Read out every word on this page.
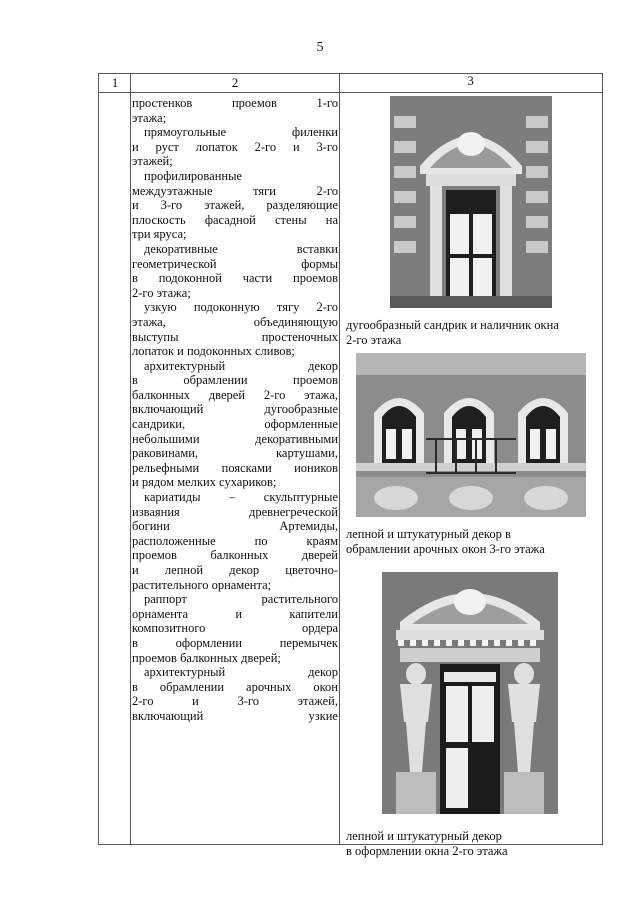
5
1	2	3

простенков проемов 1-го

этажа;

прямоугольные филенки

и руст лопаток 2-го и 3-го

этажей;

профилированные

междуэтажные тяги 2-го

и 3-го этажей, разделяющие

плоскость фасадной стены на

три яруса;

декоративные вставки

геометрической формы

в подоконной части проемов

2-го этажа;

узкую подоконную тягу 2-го

этажа, объединяющую

выступы простеночных

лопаток и подоконных сливов;

архитектурный декор

в обрамлении проемов

балконных дверей 2-го этажа,

включающий дугообразные

сандрики, оформленные

небольшими декоративными

раковинами, картушами,

рельефными поясками иоников

и рядом мелких сухариков;

кариатиды – скульптурные

изваяния древнегреческой

богини Артемиды,

расположенные по краям

проемов балконных дверей

и лепной декор цветочно-

растительного орнамента;

раппорт растительного

орнамента и капители

композитного ордера

в оформлении перемычек

проемов балконных дверей;

архитектурный декор

в обрамлении арочных окон

2-го и 3-го этажей,

включающий узкие

дугообразный сандрик и наличник окна
2-го этажа
лепной и штукатурный декор в
обрамлении арочных окон 3-го этажа
лепной и штукатурный декор
в оформлении окна 2-го этажа
